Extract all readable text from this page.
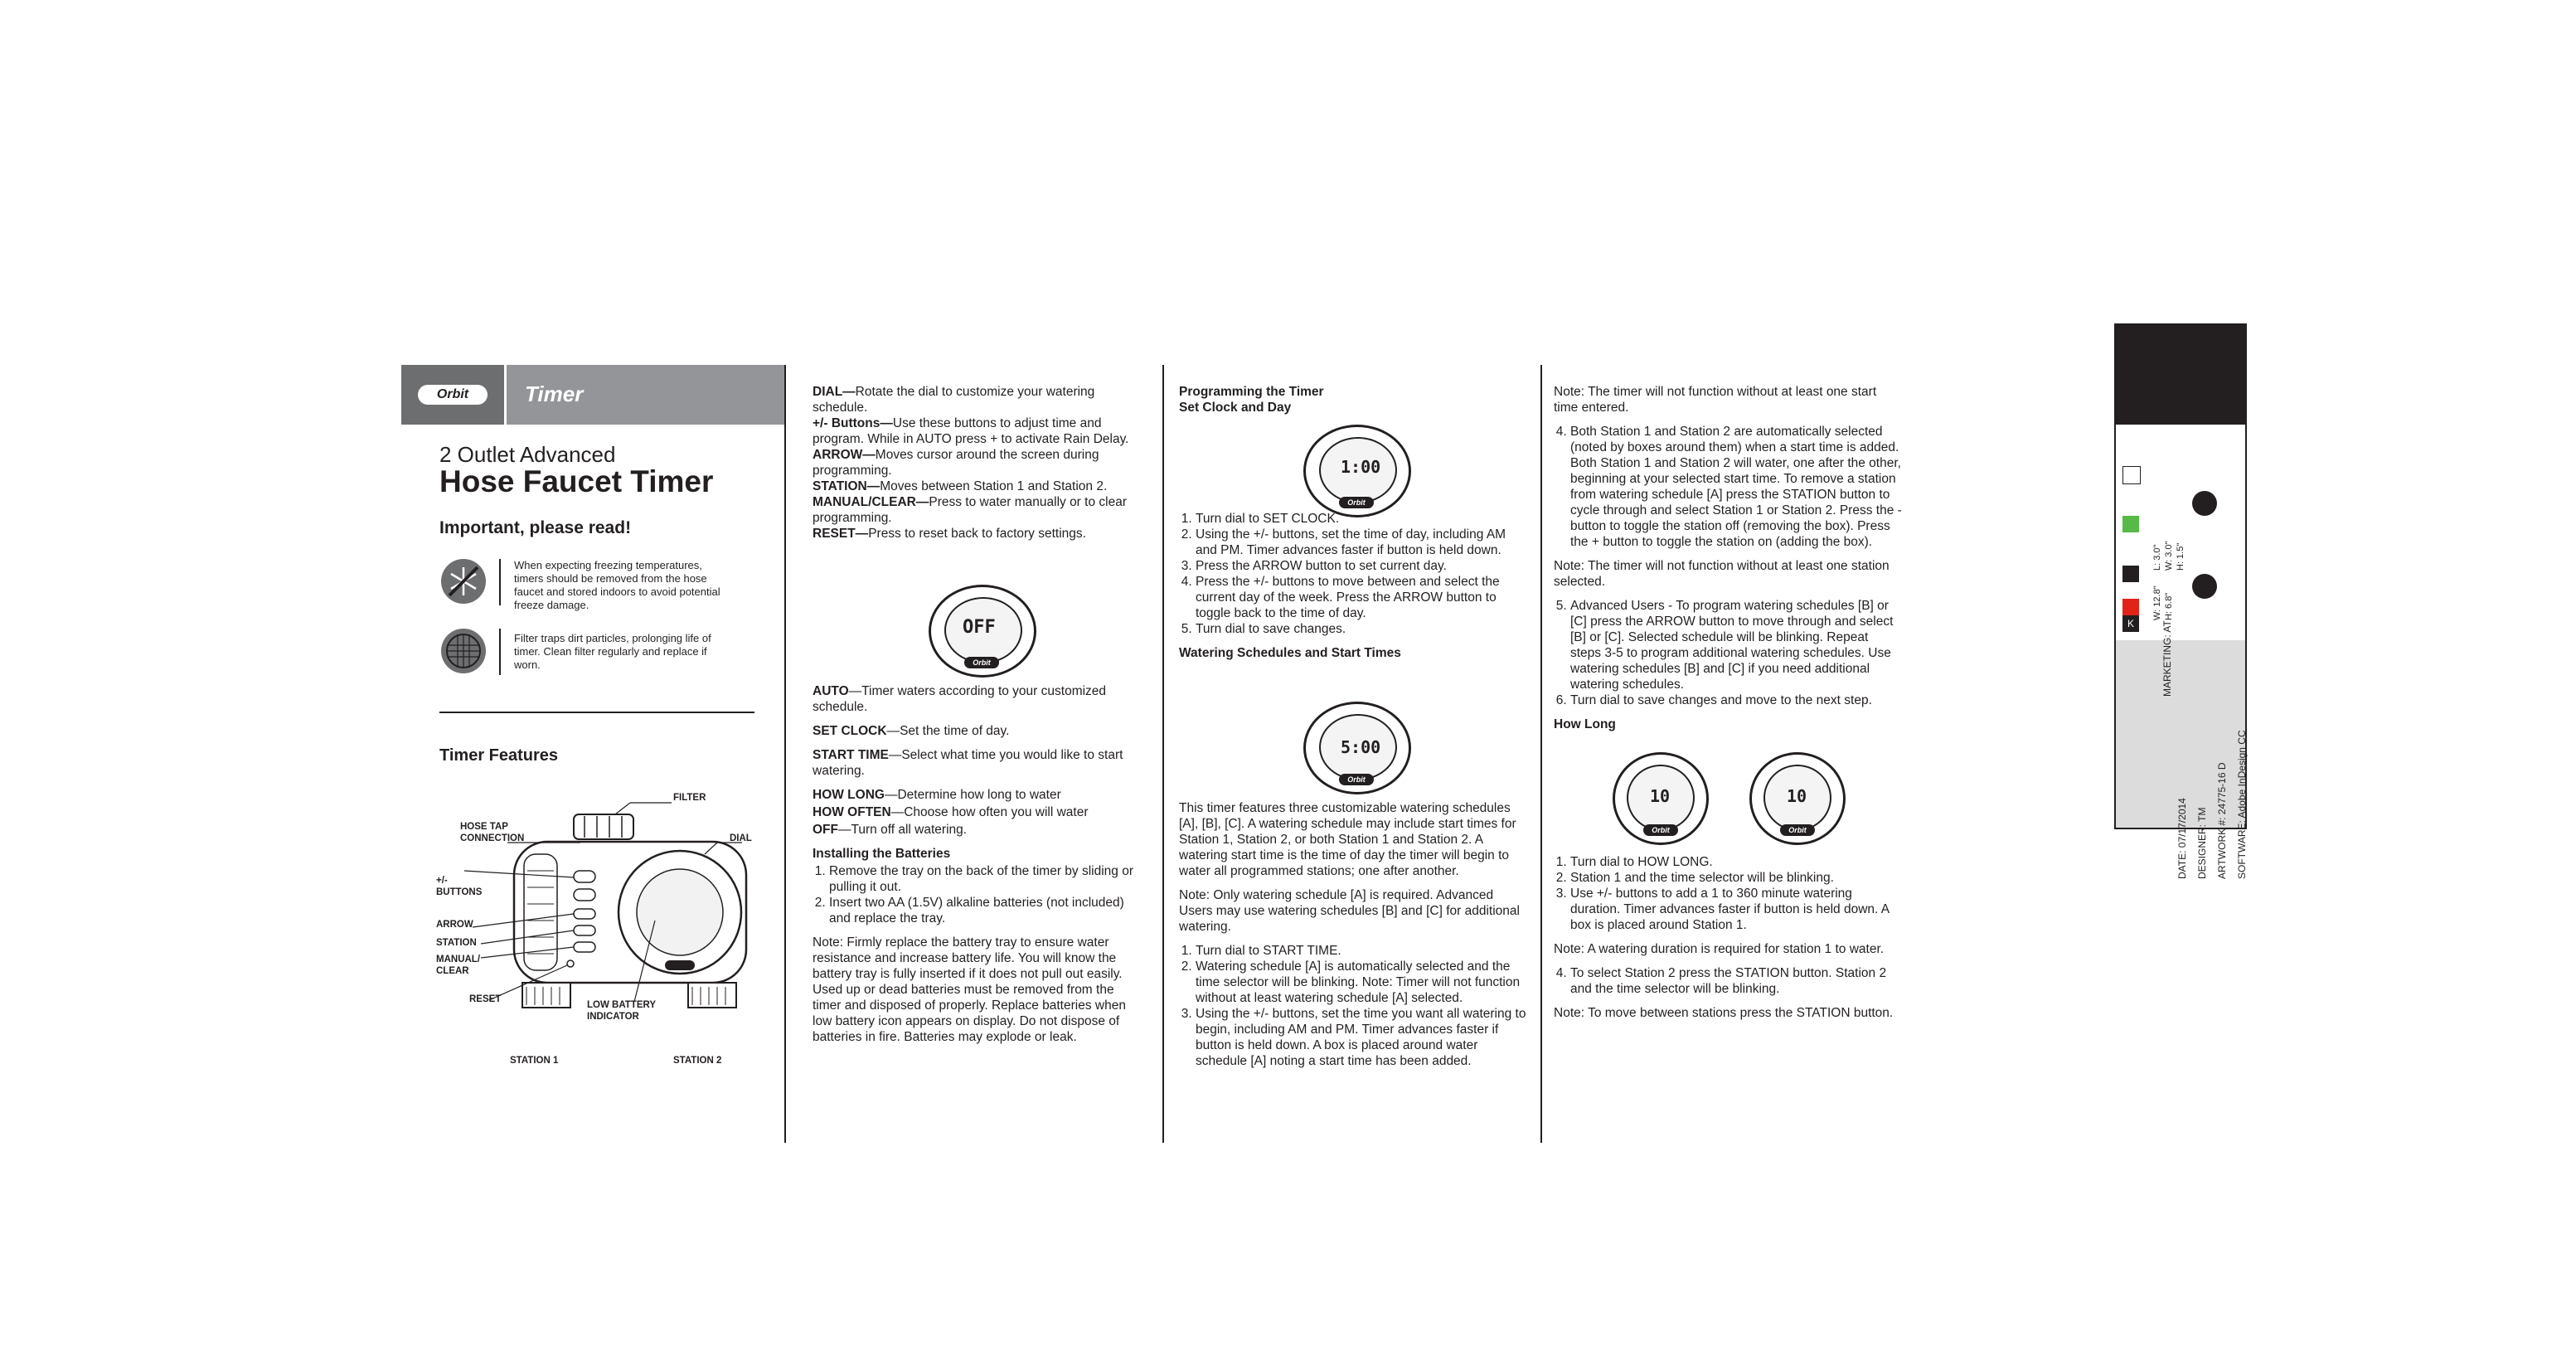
Orbit	Timer
2 Outlet Advanced
Hose Faucet Timer
Important, please read!
When expecting freezing temperatures, timers should be removed from the hose faucet and stored indoors to avoid potential freeze damage.
Filter traps dirt particles, prolonging life of timer. Clean filter regularly and replace if worn.
Timer Features
FILTER
HOSE TAP CONNECTION	DIAL
+/- BUTTONS
ARROW
STATION
MANUAL/ CLEAR
RESET
LOW BATTERY INDICATOR
STATION 1	STATION 2

DIAL—Rotate the dial to customize your watering schedule.
+/- Buttons—Use these buttons to adjust time and program. While in AUTO press + to activate Rain Delay.
ARROW—Moves cursor around the screen during programming.
STATION—Moves between Station 1 and Station 2.
MANUAL/CLEAR—Press to water manually or to clear programming.
RESET—Press to reset back to factory settings.

OFF
Orbit

AUTO—Timer waters according to your customized schedule.

SET CLOCK—Set the time of day.

START TIME—Select what time you would like to start watering.

HOW LONG—Determine how long to water

HOW OFTEN—Choose how often you will water

OFF—Turn off all watering.

Installing the Batteries

1. Remove the tray on the back of the timer by sliding or pulling it out.
2. Insert two AA (1.5V) alkaline batteries (not included) and replace the tray.

Note: Firmly replace the battery tray to ensure water resistance and increase battery life. You will know the battery tray is fully inserted if it does not pull out easily. Used up or dead batteries must be removed from the timer and disposed of properly. Replace batteries when low battery icon appears on display. Do not dispose of batteries in fire. Batteries may explode or leak.

Programming the Timer
Set Clock and Day
1:00
Orbit
1. Turn dial to SET CLOCK.
2. Using the +/- buttons, set the time of day, including AM and PM. Timer advances faster if button is held down.
3. Press the ARROW button to set current day.
4. Press the +/- buttons to move between and select the current day of the week. Press the ARROW button to toggle back to the time of day.
5. Turn dial to save changes.
Watering Schedules and Start Times
5:00
Orbit

This timer features three customizable watering schedules [A], [B], [C]. A watering schedule may include start times for Station 1, Station 2, or both Station 1 and Station 2. A watering start time is the time of day the timer will begin to water all programmed stations; one after another.

Note: Only watering schedule [A] is required. Advanced Users may use watering schedules [B] and [C] for additional watering.

1. Turn dial to START TIME.
2. Watering schedule [A] is automatically selected and the time selector will be blinking. Note: Timer will not function without at least watering schedule [A] selected.
3. Using the +/- buttons, set the time you want all watering to begin, including AM and PM. Timer advances faster if button is held down. A box is placed around water schedule [A] noting a start time has been added.

Note: The timer will not function without at least one start time entered.

4. Both Station 1 and Station 2 are automatically selected (noted by boxes around them) when a start time is added. Both Station 1 and Station 2 will water, one after the other, beginning at your selected start time. To remove a station from watering schedule [A] press the STATION button to cycle through and select Station 1 or Station 2. Press the - button to toggle the station off (removing the box). Press the + button to toggle the station on (adding the box).

Note: The timer will not function without at least one station selected.

5. Advanced Users - To program watering schedules [B] or [C] press the ARROW button to move through and select [B] or [C]. Selected schedule will be blinking. Repeat steps 3-5 to program additional watering schedules. Use watering schedules [B] and [C] if you need additional watering schedules.
6. Turn dial to save changes and move to the next step.
How Long
10
Orbit
10
Orbit
1. Turn dial to HOW LONG.
2. Station 1 and the time selector will be blinking.
3. Use +/- buttons to add a 1 to 360 minute watering duration. Timer advances faster if button is held down. A box is placed around Station 1.

Note: A watering duration is required for station 1 to water.

4. To select Station 2 press the STATION button. Station 2 and the time selector will be blinking.

Note: To move between stations press the STATION button.

K
DATE: 07/17/2014 DESIGNER: TM ARTWORK #: 24775-16 D SOFTWARE: Adobe InDesign CC
MARKETING: AT
W: 12.8" H: 6.8"
L: 3.0" W: 3.0" H: 1.5"
